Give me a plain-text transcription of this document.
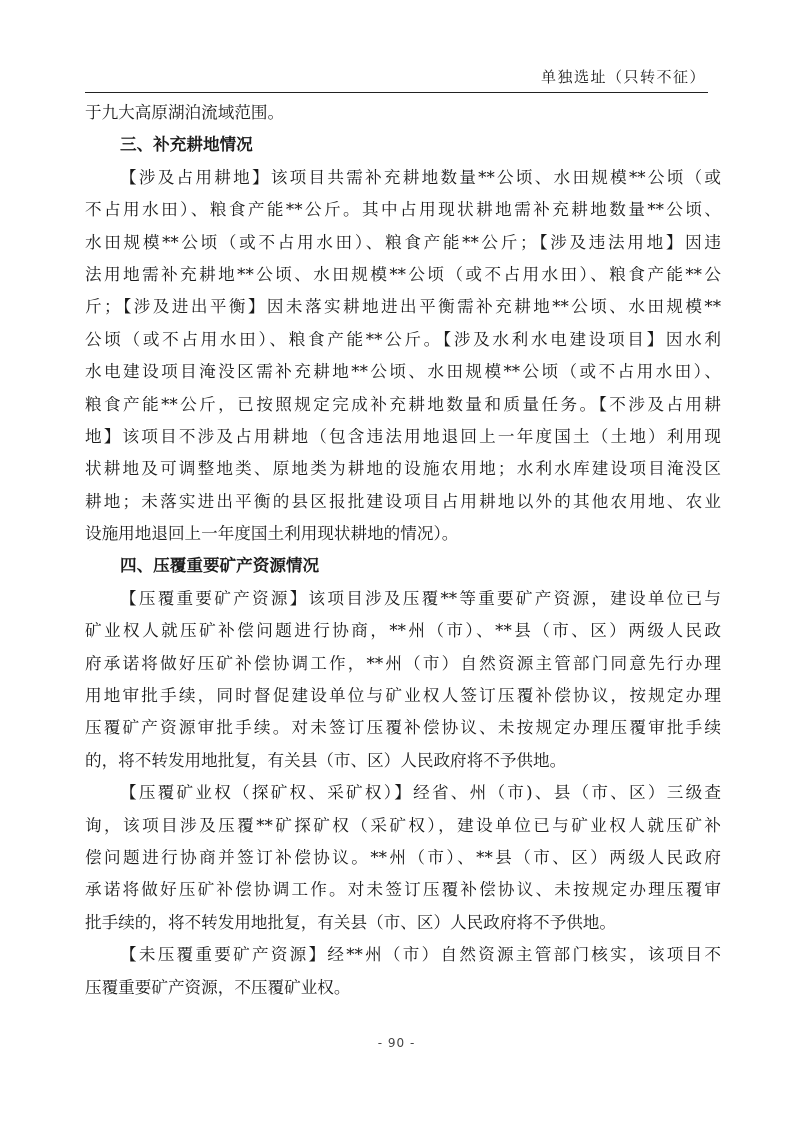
单独选址（只转不征）
于九大高原湖泊流域范围。
三、补充耕地情况
【涉及占用耕地】该项目共需补充耕地数量**公顷、水田规模**公顷（或
不占用水田）、粮食产能**公斤。其中占用现状耕地需补充耕地数量**公顷、
水田规模**公顷（或不占用水田）、粮食产能**公斤；【涉及违法用地】因违
法用地需补充耕地**公顷、水田规模**公顷（或不占用水田）、粮食产能**公
斤；【涉及进出平衡】因未落实耕地进出平衡需补充耕地**公顷、水田规模**
公顷（或不占用水田）、粮食产能**公斤。【涉及水利水电建设项目】因水利
水电建设项目淹没区需补充耕地**公顷、水田规模**公顷（或不占用水田）、
粮食产能**公斤，已按照规定完成补充耕地数量和质量任务。【不涉及占用耕
地】该项目不涉及占用耕地（包含违法用地退回上一年度国土（土地）利用现
状耕地及可调整地类、原地类为耕地的设施农用地；水利水库建设项目淹没区
耕地；未落实进出平衡的县区报批建设项目占用耕地以外的其他农用地、农业
设施用地退回上一年度国土利用现状耕地的情况）。
四、压覆重要矿产资源情况
【压覆重要矿产资源】该项目涉及压覆**等重要矿产资源，建设单位已与
矿业权人就压矿补偿问题进行协商，**州（市）、**县（市、区）两级人民政
府承诺将做好压矿补偿协调工作，**州（市）自然资源主管部门同意先行办理
用地审批手续，同时督促建设单位与矿业权人签订压覆补偿协议，按规定办理
压覆矿产资源审批手续。对未签订压覆补偿协议、未按规定办理压覆审批手续
的，将不转发用地批复，有关县（市、区）人民政府将不予供地。
【压覆矿业权（探矿权、采矿权）】经省、州（市)、县（市、区）三级查
询，该项目涉及压覆**矿探矿权（采矿权），建设单位已与矿业权人就压矿补
偿问题进行协商并签订补偿协议。**州（市）、**县（市、区）两级人民政府
承诺将做好压矿补偿协调工作。对未签订压覆补偿协议、未按规定办理压覆审
批手续的，将不转发用地批复，有关县（市、区）人民政府将不予供地。
【未压覆重要矿产资源】经**州（市）自然资源主管部门核实，该项目不
压覆重要矿产资源，不压覆矿业权。
- 90 -
